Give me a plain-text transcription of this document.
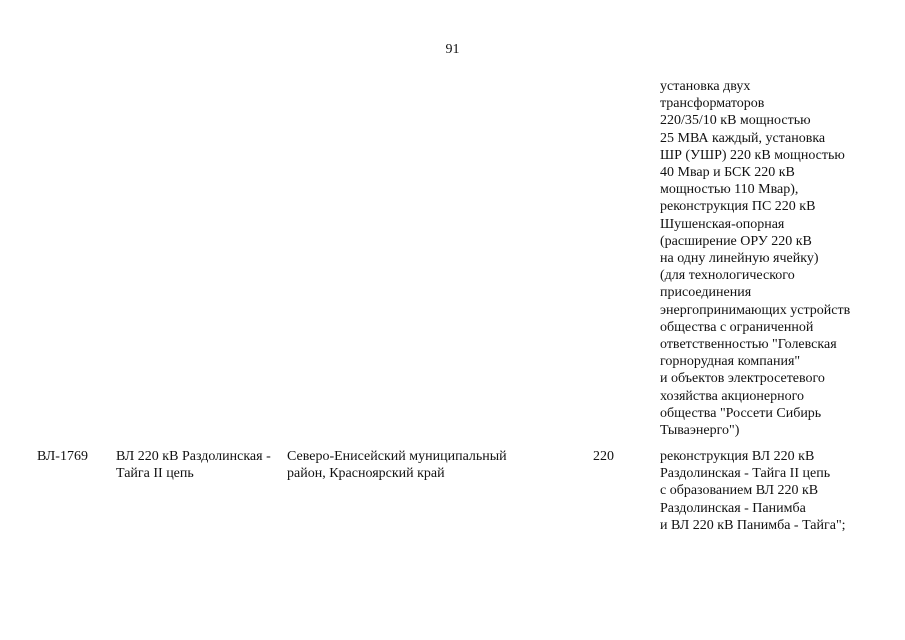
91
установка двух
трансформаторов
220/35/10 кВ мощностью
25 МВА каждый, установка
ШР (УШР) 220 кВ мощностью
40 Мвар и БСК 220 кВ
мощностью 110 Мвар),
реконструкция ПС 220 кВ
Шушенская-опорная
(расширение ОРУ 220 кВ
на одну линейную ячейку)
(для технологического
присоединения
энергопринимающих устройств
общества с ограниченной
ответственностью "Голевская
горнорудная компания"
и объектов электросетевого
хозяйства акционерного
общества "Россети Сибирь
Тываэнерго")
ВЛ-1769 ВЛ 220 кВ Раздолинская -
Тайга II цепь
Северо-Енисейский муниципальный
район, Красноярский край
220	реконструкция ВЛ 220 кВ
Раздолинская - Тайга II цепь
с образованием ВЛ 220 кВ
Раздолинская - Панимба
и ВЛ 220 кВ Панимба - Тайга";
